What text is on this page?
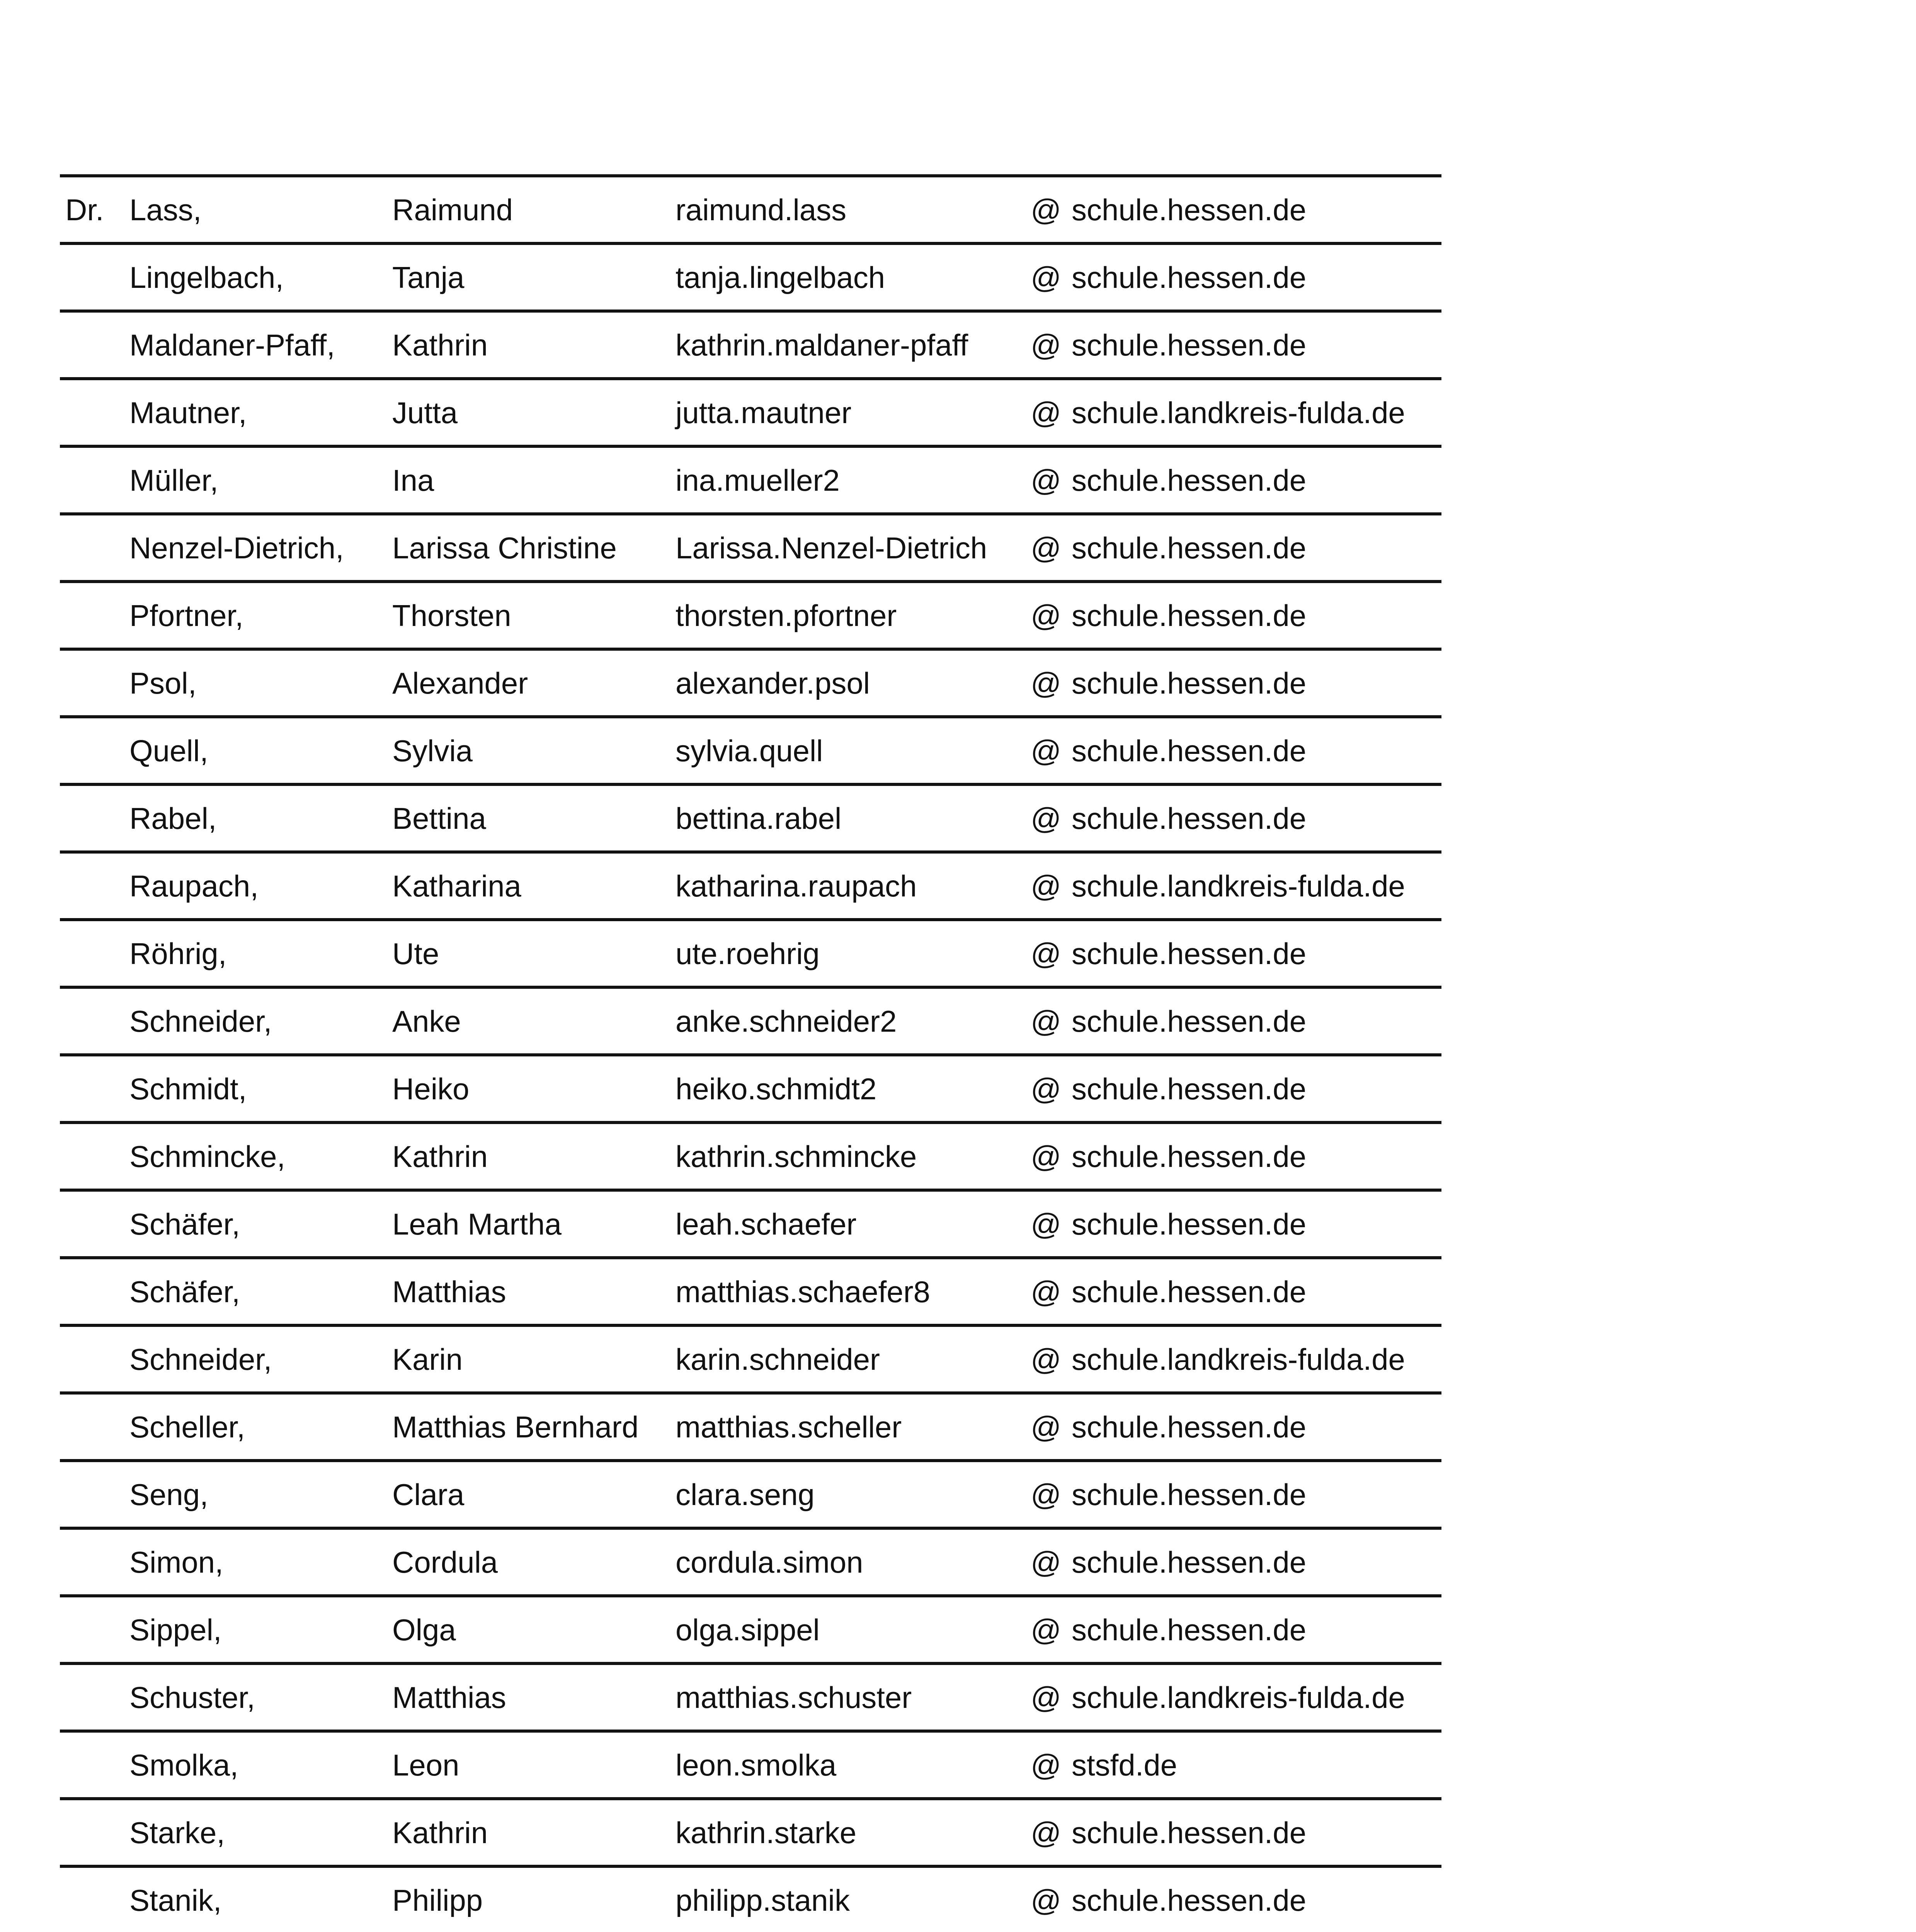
Dr.	Lass,	Raimund	raimund.lass	@	schule.hessen.de
	Lingelbach,	Tanja	tanja.lingelbach	@	schule.hessen.de
	Maldaner-Pfaff,	Kathrin	kathrin.maldaner-pfaff	@	schule.hessen.de
	Mautner,	Jutta	jutta.mautner	@	schule.landkreis-fulda.de
	Müller,	Ina	ina.mueller2	@	schule.hessen.de
	Nenzel-Dietrich,	Larissa Christine	Larissa.Nenzel-Dietrich	@	schule.hessen.de
	Pfortner,	Thorsten	thorsten.pfortner	@	schule.hessen.de
	Psol,	Alexander	alexander.psol	@	schule.hessen.de
	Quell,	Sylvia	sylvia.quell	@	schule.hessen.de
	Rabel,	Bettina	bettina.rabel	@	schule.hessen.de
	Raupach,	Katharina	katharina.raupach	@	schule.landkreis-fulda.de
	Röhrig,	Ute	ute.roehrig	@	schule.hessen.de
	Schneider,	Anke	anke.schneider2	@	schule.hessen.de
	Schmidt,	Heiko	heiko.schmidt2	@	schule.hessen.de
	Schmincke,	Kathrin	kathrin.schmincke	@	schule.hessen.de
	Schäfer,	Leah Martha	leah.schaefer	@	schule.hessen.de
	Schäfer,	Matthias	matthias.schaefer8	@	schule.hessen.de
	Schneider,	Karin	karin.schneider	@	schule.landkreis-fulda.de
	Scheller,	Matthias Bernhard	matthias.scheller	@	schule.hessen.de
	Seng,	Clara	clara.seng	@	schule.hessen.de
	Simon,	Cordula	cordula.simon	@	schule.hessen.de
	Sippel,	Olga	olga.sippel	@	schule.hessen.de
	Schuster,	Matthias	matthias.schuster	@	schule.landkreis-fulda.de
	Smolka,	Leon	leon.smolka	@	stsfd.de
	Starke,	Kathrin	kathrin.starke	@	schule.hessen.de
	Stanik,	Philipp	philipp.stanik	@	schule.hessen.de
